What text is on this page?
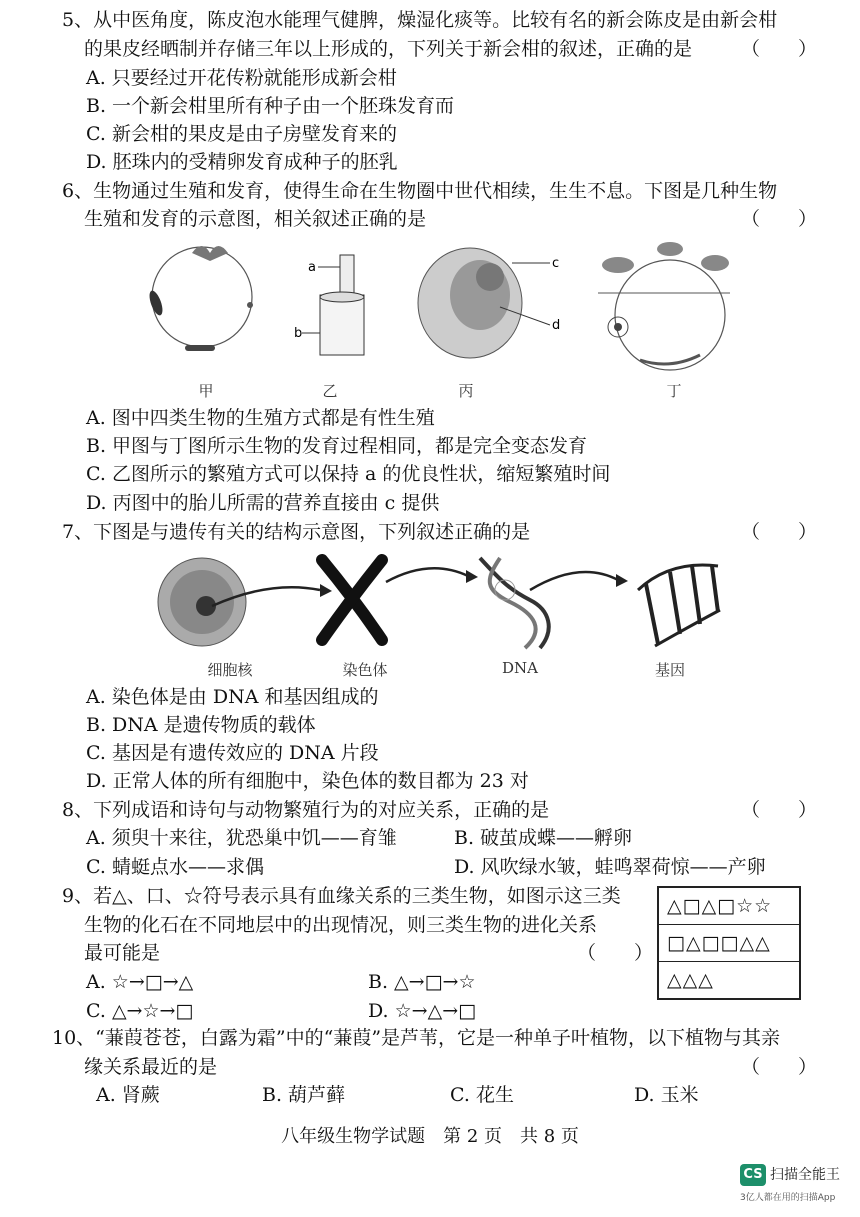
5、从中医角度，陈皮泡水能理气健脾，燥湿化痰等。比较有名的新会陈皮是由新会柑
的果皮经晒制并存储三年以上形成的，下列关于新会柑的叙述，正确的是	（　　）
A. 只要经过开花传粉就能形成新会柑
B. 一个新会柑里所有种子由一个胚珠发育而
C. 新会柑的果皮是由子房壁发育来的
D. 胚珠内的受精卵发育成种子的胚乳
6、生物通过生殖和发育，使得生命在生物圈中世代相续，生生不息。下图是几种生物
生殖和发育的示意图，相关叙述正确的是	（　　）
a
b
c
d
甲	乙	丙	丁
A. 图中四类生物的生殖方式都是有性生殖
B. 甲图与丁图所示生物的发育过程相同，都是完全变态发育
C. 乙图所示的繁殖方式可以保持 a 的优良性状，缩短繁殖时间
D. 丙图中的胎儿所需的营养直接由 c 提供
7、下图是与遗传有关的结构示意图，下列叙述正确的是	（　　）
细胞核	染色体	DNA	基因
A. 染色体是由 DNA 和基因组成的
B. DNA 是遗传物质的载体
C. 基因是有遗传效应的 DNA 片段
D. 正常人体的所有细胞中，染色体的数目都为 23 对
8、下列成语和诗句与动物繁殖行为的对应关系，正确的是	（　　）
A. 须臾十来往，犹恐巢中饥——育雏	B. 破茧成蝶——孵卵
C. 蜻蜓点水——求偶	D. 风吹绿水皱，蛙鸣翠荷惊——产卵
9、若△、口、☆符号表示具有血缘关系的三类生物，如图示这三类
生物的化石在不同地层中的出现情况，则三类生物的进化关系
最可能是	（　　）
△□△□☆☆
□△□□△△
△△△
A. ☆→□→△	B. △→□→☆
C. △→☆→□	D. ☆→△→□
10、“蒹葭苍苍，白露为霜”中的“蒹葭”是芦苇，它是一种单子叶植物，以下植物与其亲
缘关系最近的是	（　　）
A. 肾蕨	B. 葫芦藓	C. 花生	D. 玉米
八年级生物学试题　第 2 页　共 8 页
CS 扫描全能王
3亿人都在用的扫描App
